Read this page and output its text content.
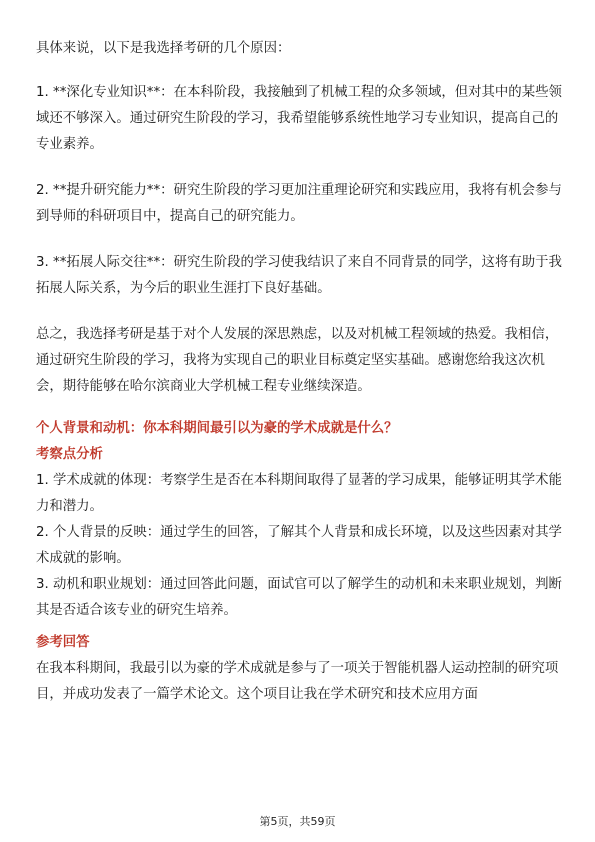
具体来说，以下是我选择考研的几个原因：

1. **深化专业知识**：在本科阶段，我接触到了机械工程的众多领域，但对其中的某些领域还不够深入。通过研究生阶段的学习，我希望能够系统性地学习专业知识，提高自己的专业素养。

2. **提升研究能力**：研究生阶段的学习更加注重理论研究和实践应用，我将有机会参与到导师的科研项目中，提高自己的研究能力。

3. **拓展人际交往**：研究生阶段的学习使我结识了来自不同背景的同学，这将有助于我拓展人际关系，为今后的职业生涯打下良好基础。

总之，我选择考研是基于对个人发展的深思熟虑，以及对机械工程领域的热爱。我相信，通过研究生阶段的学习，我将为实现自己的职业目标奠定坚实基础。感谢您给我这次机会，期待能够在哈尔滨商业大学机械工程专业继续深造。

个人背景和动机：你本科期间最引以为豪的学术成就是什么？

考察点分析

1. 学术成就的体现：考察学生是否在本科期间取得了显著的学习成果，能够证明其学术能力和潜力。

2. 个人背景的反映：通过学生的回答，了解其个人背景和成长环境，以及这些因素对其学术成就的影响。

3. 动机和职业规划：通过回答此问题，面试官可以了解学生的动机和未来职业规划，判断其是否适合该专业的研究生培养。

参考回答

在我本科期间，我最引以为豪的学术成就是参与了一项关于智能机器人运动控制的研究项目，并成功发表了一篇学术论文。这个项目让我在学术研究和技术应用方面

第5页，共59页
